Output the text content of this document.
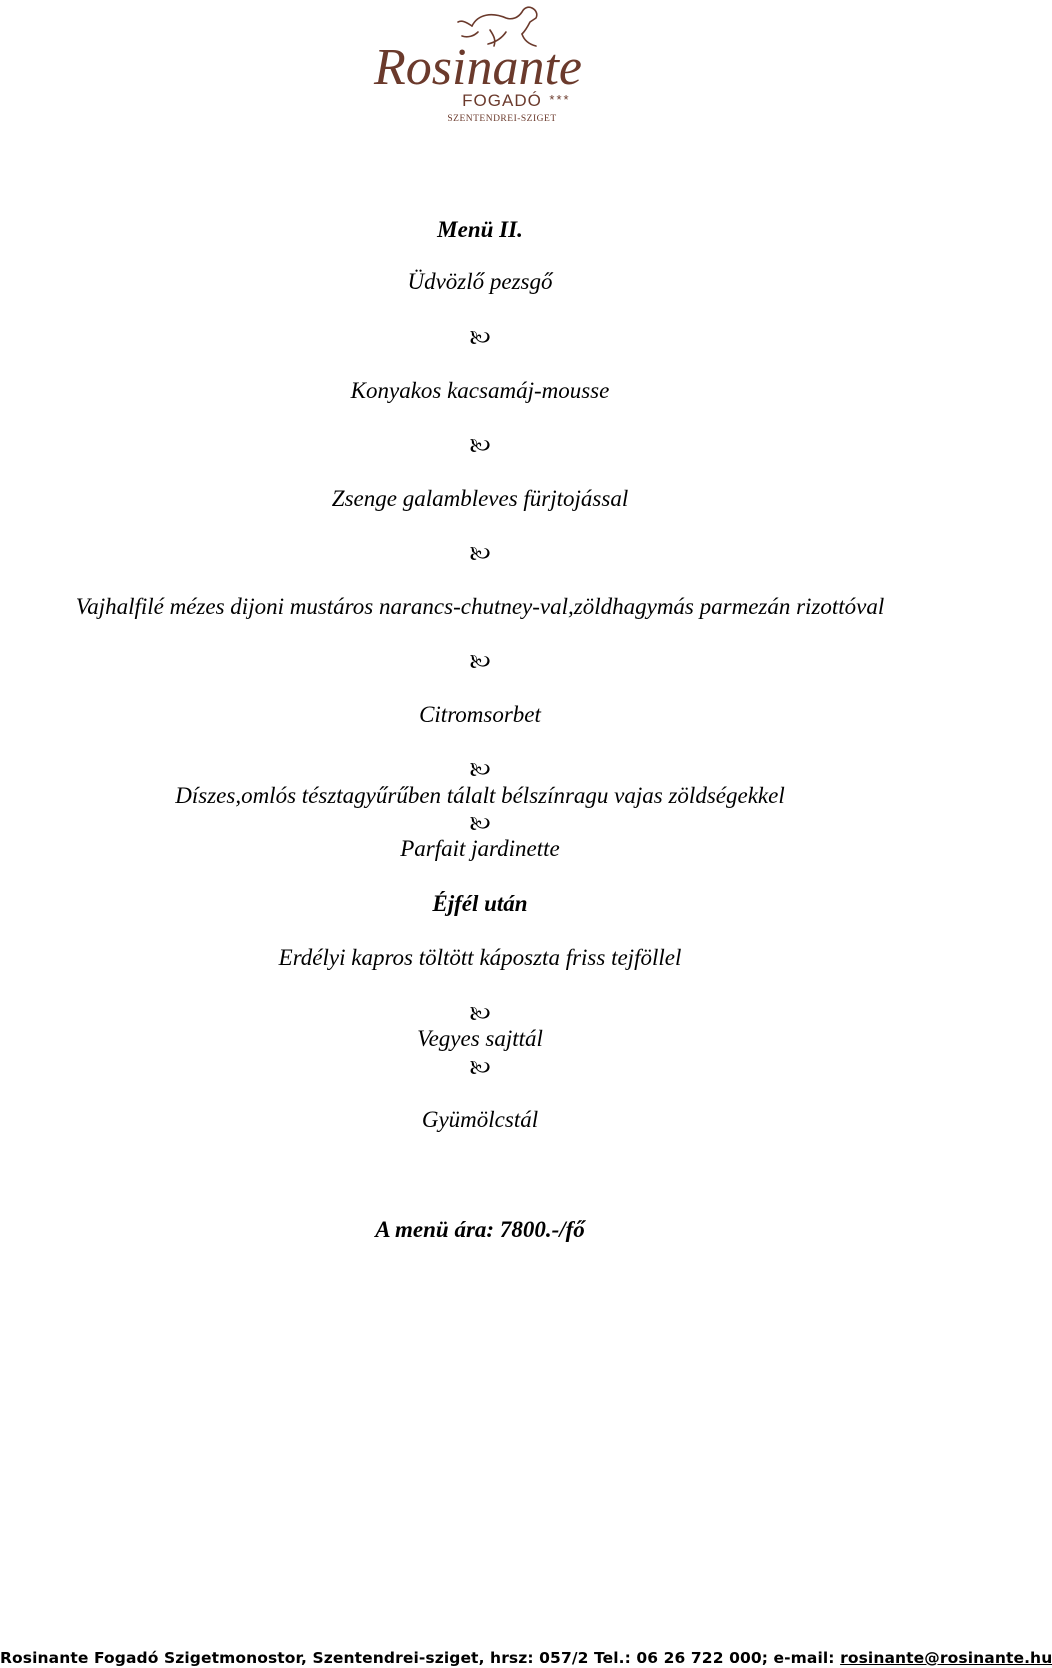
Rosinante
FOGADÓ ***
SZENTENDREI-SZIGET
Menü II.
Üdvözlő pezsgő
🙠
Konyakos kacsamáj-mousse
🙠
Zsenge galambleves fürjtojással
🙠
Vajhalfilé mézes dijoni mustáros narancs-chutney-val,zöldhagymás parmezán rizottóval
🙠
Citromsorbet
🙠
Díszes,omlós tésztagyűrűben tálalt bélszínragu vajas zöldségekkel
🙠
Parfait jardinette
Éjfél után
Erdélyi kapros töltött káposzta friss tejföllel
🙠
Vegyes sajttál
🙠
Gyümölcstál
A menü ára: 7800.-/fő
Rosinante Fogadó Szigetmonostor, Szentendrei-sziget, hrsz: 057/2 Tel.: 06 26 722 000; e-mail: rosinante@rosinante.hu
